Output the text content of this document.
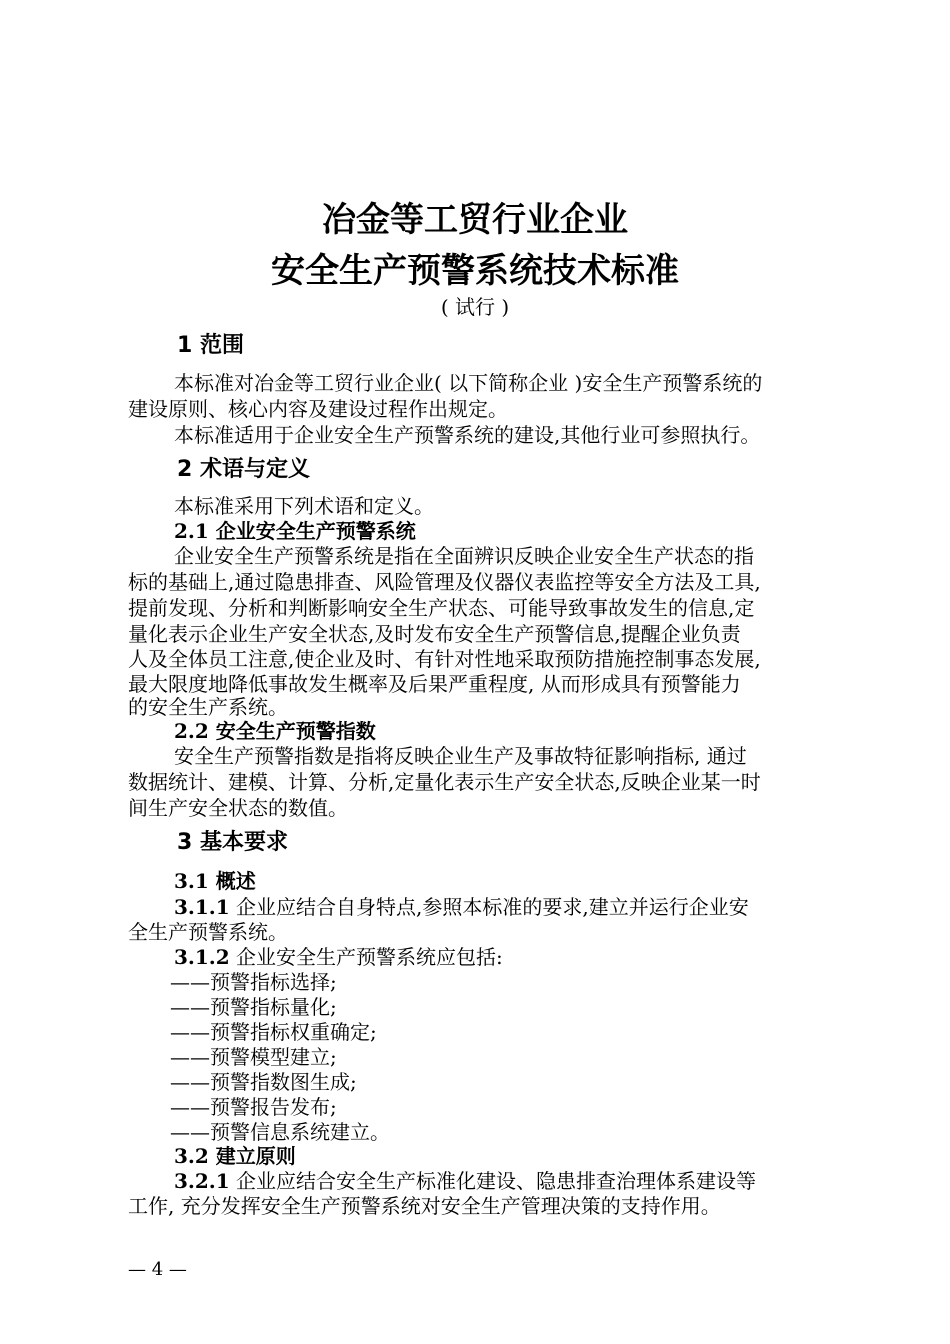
冶金等工贸行业企业
安全生产预警系统技术标准
( 试行 )
1 范围
本标准对冶金等工贸行业企业( 以下简称企业 )安全生产预警系统的
建设原则、核心内容及建设过程作出规定。
本标准适用于企业安全生产预警系统的建设,其他行业可参照执行。
2 术语与定义
本标准采用下列术语和定义。
2.1 企业安全生产预警系统
企业安全生产预警系统是指在全面辨识反映企业安全生产状态的指
标的基础上,通过隐患排查、风险管理及仪器仪表监控等安全方法及工具,
提前发现、分析和判断影响安全生产状态、可能导致事故发生的信息,定
量化表示企业生产安全状态,及时发布安全生产预警信息,提醒企业负责
人及全体员工注意,使企业及时、有针对性地采取预防措施控制事态发展,
最大限度地降低事故发生概率及后果严重程度, 从而形成具有预警能力
的安全生产系统。
2.2 安全生产预警指数
安全生产预警指数是指将反映企业生产及事故特征影响指标, 通过
数据统计、建模、计算、分析,定量化表示生产安全状态,反映企业某一时
间生产安全状态的数值。
3 基本要求
3.1 概述
3.1.1 企业应结合自身特点,参照本标准的要求,建立并运行企业安
全生产预警系统。
3.1.2 企业安全生产预警系统应包括:
——预警指标选择;
——预警指标量化;
——预警指标权重确定;
——预警模型建立;
——预警指数图生成;
——预警报告发布;
——预警信息系统建立。
3.2 建立原则
3.2.1 企业应结合安全生产标准化建设、隐患排查治理体系建设等
工作, 充分发挥安全生产预警系统对安全生产管理决策的支持作用。
— 4 —
